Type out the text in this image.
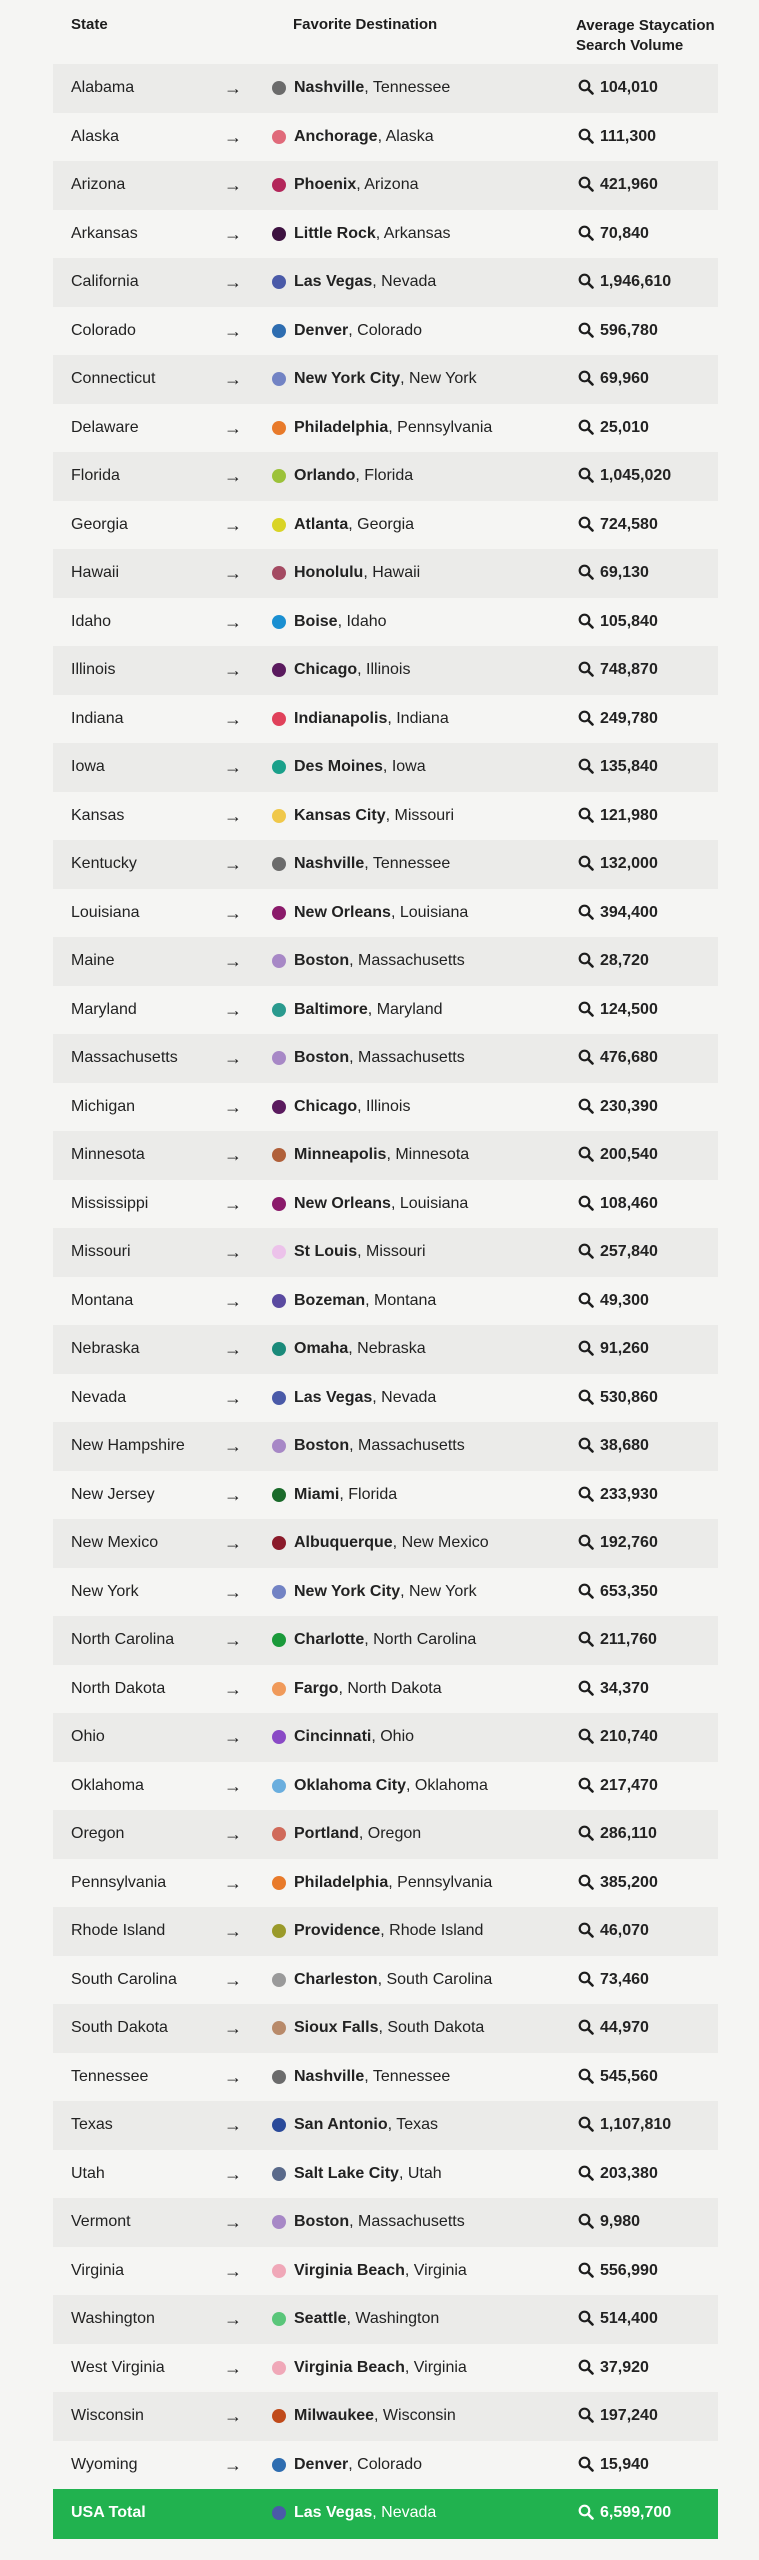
State	Favorite Destination	Average Staycation
Search Volume
Alabama	→	Nashville, Tennessee	104,010
Alaska	→	Anchorage, Alaska	111,300
Arizona	→	Phoenix, Arizona	421,960
Arkansas	→	Little Rock, Arkansas	70,840
California	→	Las Vegas, Nevada	1,946,610
Colorado	→	Denver, Colorado	596,780
Connecticut	→	New York City, New York	69,960
Delaware	→	Philadelphia, Pennsylvania	25,010
Florida	→	Orlando, Florida	1,045,020
Georgia	→	Atlanta, Georgia	724,580
Hawaii	→	Honolulu, Hawaii	69,130
Idaho	→	Boise, Idaho	105,840
Illinois	→	Chicago, Illinois	748,870
Indiana	→	Indianapolis, Indiana	249,780
Iowa	→	Des Moines, Iowa	135,840
Kansas	→	Kansas City, Missouri	121,980
Kentucky	→	Nashville, Tennessee	132,000
Louisiana	→	New Orleans, Louisiana	394,400
Maine	→	Boston, Massachusetts	28,720
Maryland	→	Baltimore, Maryland	124,500
Massachusetts	→	Boston, Massachusetts	476,680
Michigan	→	Chicago, Illinois	230,390
Minnesota	→	Minneapolis, Minnesota	200,540
Mississippi	→	New Orleans, Louisiana	108,460
Missouri	→	St Louis, Missouri	257,840
Montana	→	Bozeman, Montana	49,300
Nebraska	→	Omaha, Nebraska	91,260
Nevada	→	Las Vegas, Nevada	530,860
New Hampshire →	Boston, Massachusetts	38,680
New Jersey	→	Miami, Florida	233,930
New Mexico	→	Albuquerque, New Mexico	192,760
New York	→	New York City, New York	653,350
North Carolina	→	Charlotte, North Carolina	211,760
North Dakota	→	Fargo, North Dakota	34,370
Ohio	→	Cincinnati, Ohio	210,740
Oklahoma	→	Oklahoma City, Oklahoma	217,470
Oregon	→	Portland, Oregon	286,110
Pennsylvania	→	Philadelphia, Pennsylvania	385,200
Rhode Island	→	Providence, Rhode Island	46,070
South Carolina	→	Charleston, South Carolina	73,460
South Dakota	→	Sioux Falls, South Dakota	44,970
Tennessee	→	Nashville, Tennessee	545,560
Texas	→	San Antonio, Texas	1,107,810
Utah	→	Salt Lake City, Utah	203,380
Vermont	→	Boston, Massachusetts	9,980
Virginia	→	Virginia Beach, Virginia	556,990
Washington	→	Seattle, Washington	514,400
West Virginia	→	Virginia Beach, Virginia	37,920
Wisconsin	→	Milwaukee, Wisconsin	197,240
Wyoming	→	Denver, Colorado	15,940
USA Total	Las Vegas, Nevada	6,599,700
